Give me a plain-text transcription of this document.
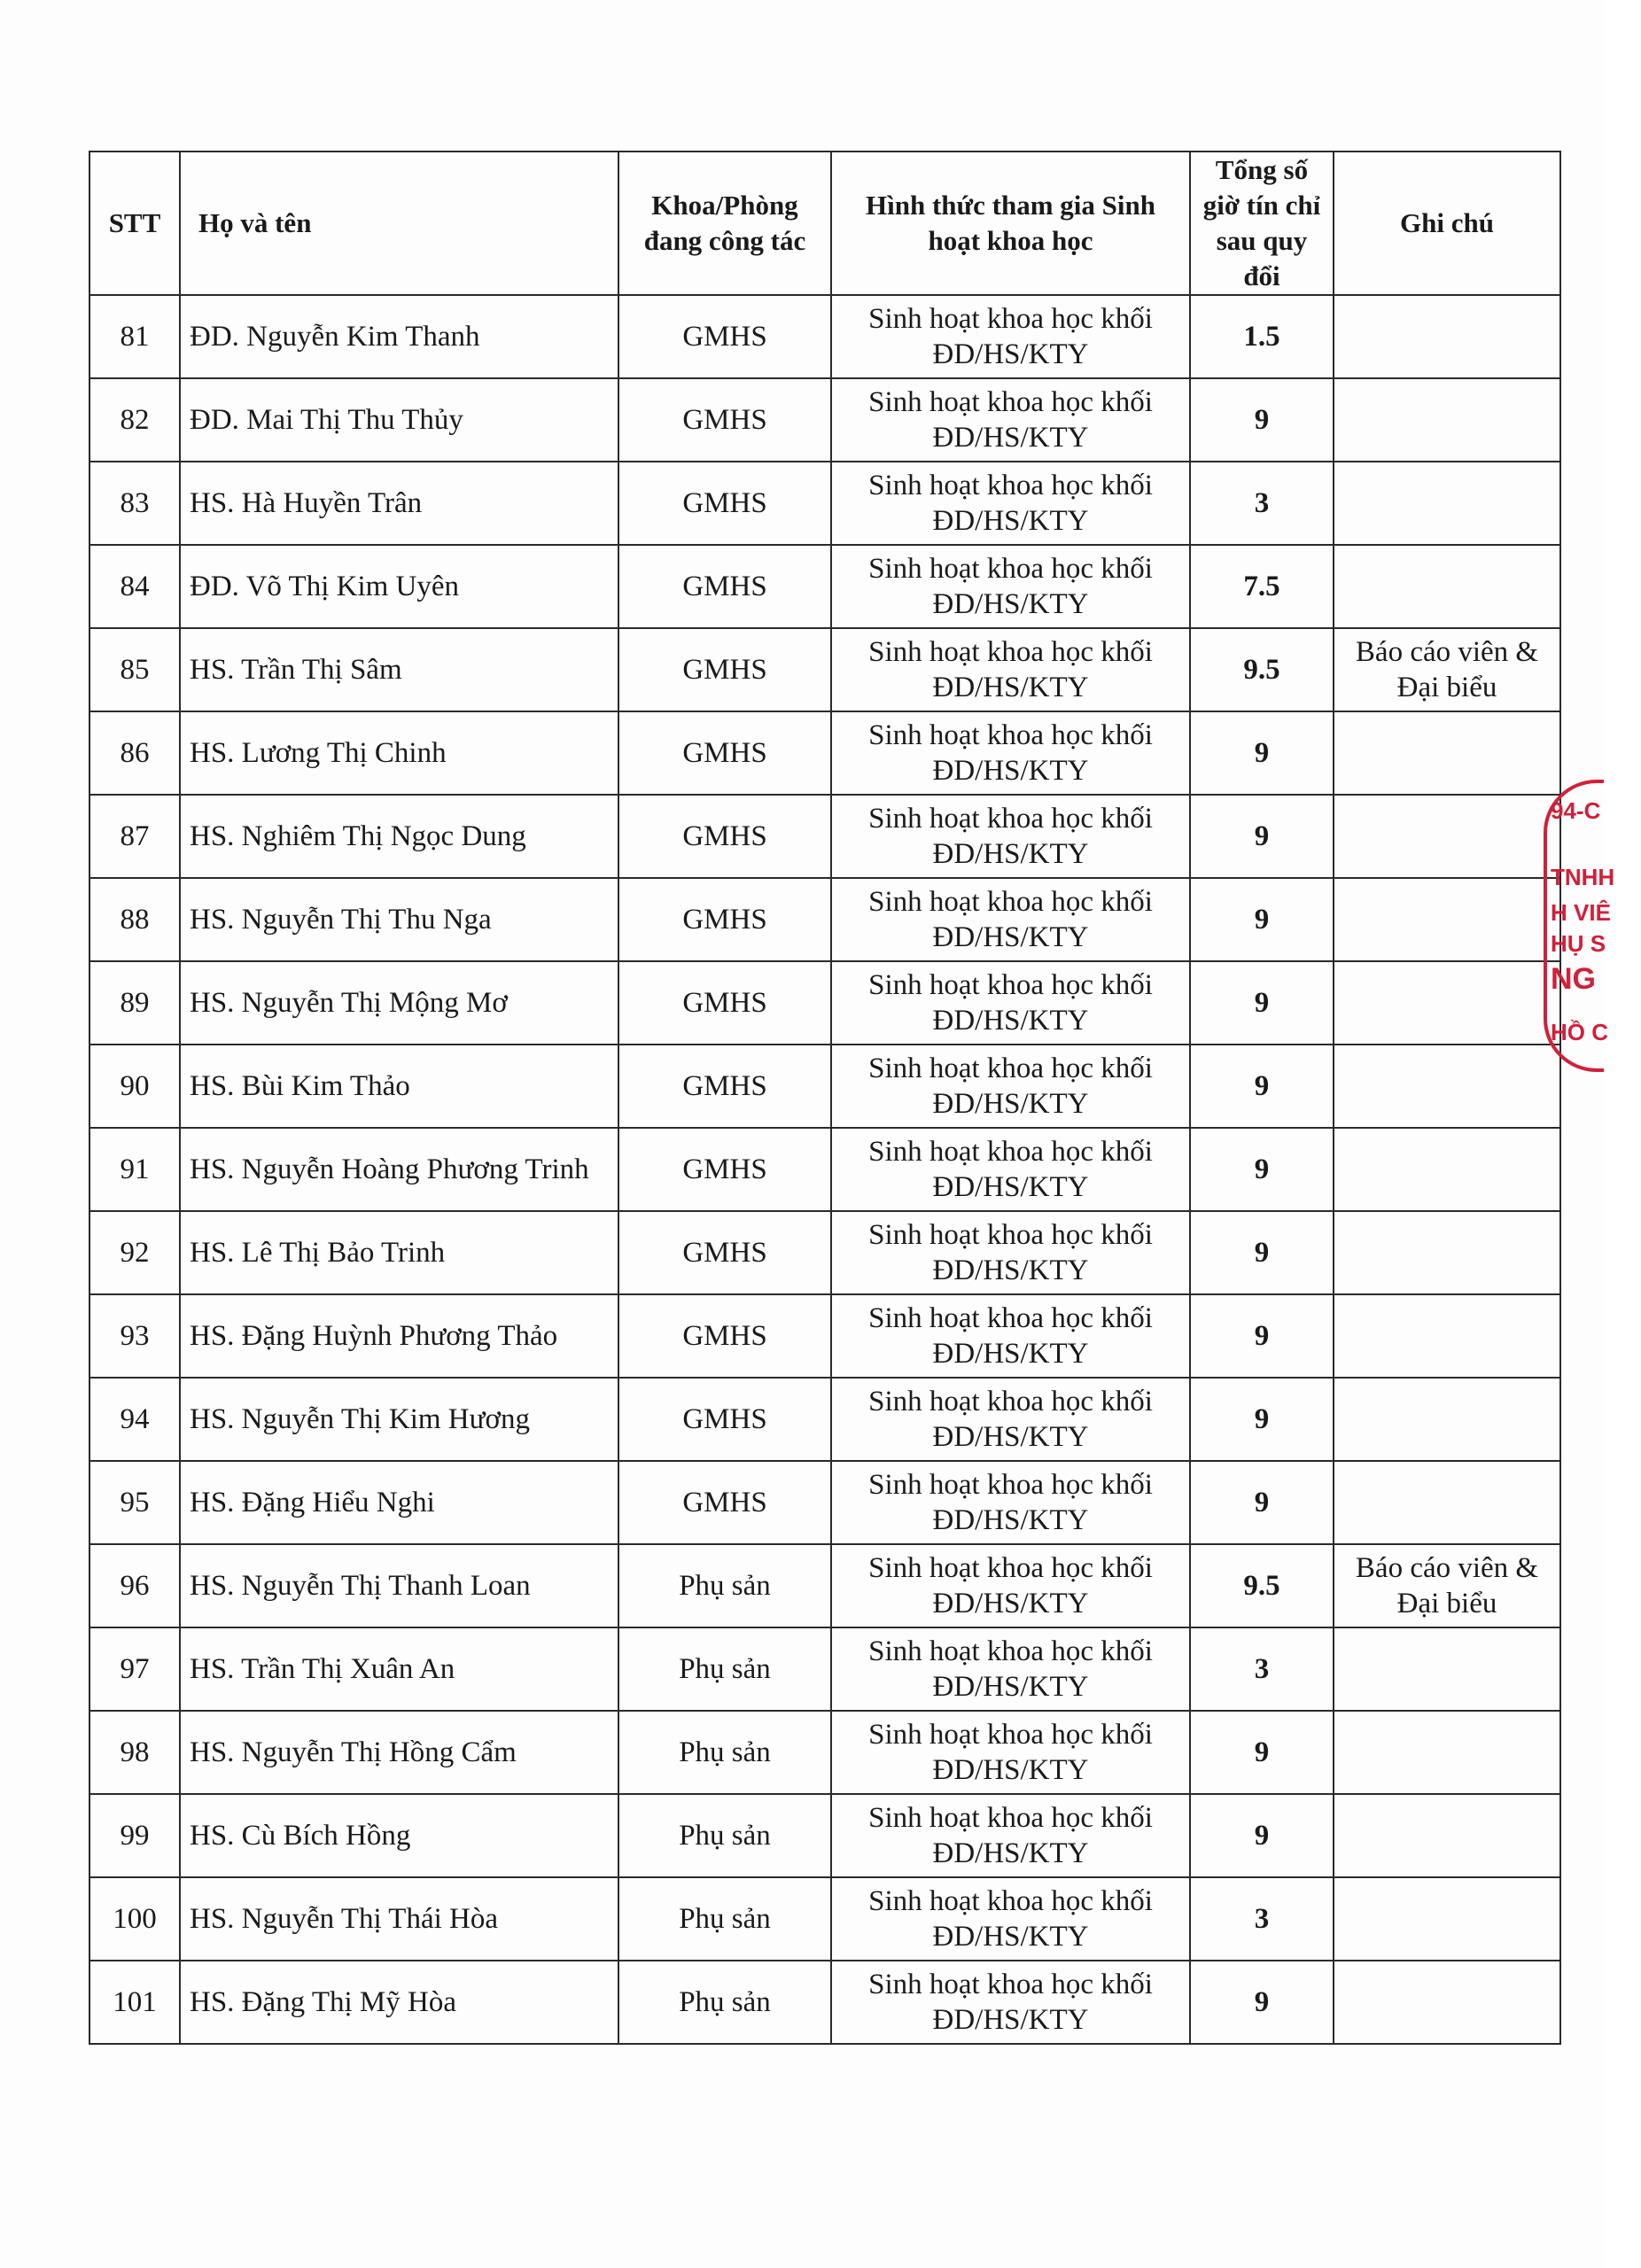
STT	Họ và tên	Khoa/Phòng đang công tác	Hình thức tham gia Sinh hoạt khoa học	Tổng số giờ tín chỉ sau quy đổi	Ghi chú
81	ĐD. Nguyễn Kim Thanh	GMHS	Sinh hoạt khoa học khối ĐD/HS/KTY	1.5	
82	ĐD. Mai Thị Thu Thủy	GMHS	Sinh hoạt khoa học khối ĐD/HS/KTY	9	
83	HS. Hà Huyền Trân	GMHS	Sinh hoạt khoa học khối ĐD/HS/KTY	3	
84	ĐD. Võ Thị Kim Uyên	GMHS	Sinh hoạt khoa học khối ĐD/HS/KTY	7.5	
85	HS. Trần Thị Sâm	GMHS	Sinh hoạt khoa học khối ĐD/HS/KTY	9.5	Báo cáo viên & Đại biểu
86	HS. Lương Thị Chinh	GMHS	Sinh hoạt khoa học khối ĐD/HS/KTY	9	
87	HS. Nghiêm Thị Ngọc Dung	GMHS	Sinh hoạt khoa học khối ĐD/HS/KTY	9	
88	HS. Nguyễn Thị Thu Nga	GMHS	Sinh hoạt khoa học khối ĐD/HS/KTY	9	
89	HS. Nguyễn Thị Mộng Mơ	GMHS	Sinh hoạt khoa học khối ĐD/HS/KTY	9	
90	HS. Bùi Kim Thảo	GMHS	Sinh hoạt khoa học khối ĐD/HS/KTY	9	
91	HS. Nguyễn Hoàng Phương Trinh	GMHS	Sinh hoạt khoa học khối ĐD/HS/KTY	9	
92	HS. Lê Thị Bảo Trinh	GMHS	Sinh hoạt khoa học khối ĐD/HS/KTY	9	
93	HS. Đặng Huỳnh Phương Thảo	GMHS	Sinh hoạt khoa học khối ĐD/HS/KTY	9	
94	HS. Nguyễn Thị Kim Hương	GMHS	Sinh hoạt khoa học khối ĐD/HS/KTY	9	
95	HS. Đặng Hiểu Nghi	GMHS	Sinh hoạt khoa học khối ĐD/HS/KTY	9	
96	HS. Nguyễn Thị Thanh Loan	Phụ sản	Sinh hoạt khoa học khối ĐD/HS/KTY	9.5	Báo cáo viên & Đại biểu
97	HS. Trần Thị Xuân An	Phụ sản	Sinh hoạt khoa học khối ĐD/HS/KTY	3	
98	HS. Nguyễn Thị Hồng Cẩm	Phụ sản	Sinh hoạt khoa học khối ĐD/HS/KTY	9	
99	HS. Cù Bích Hồng	Phụ sản	Sinh hoạt khoa học khối ĐD/HS/KTY	9	
100	HS. Nguyễn Thị Thái Hòa	Phụ sản	Sinh hoạt khoa học khối ĐD/HS/KTY	3	
101	HS. Đặng Thị Mỹ Hòa	Phụ sản	Sinh hoạt khoa học khối ĐD/HS/KTY	9	
94-C
TNHH
H VIÊ
HỤ S
NG
HỒ C
